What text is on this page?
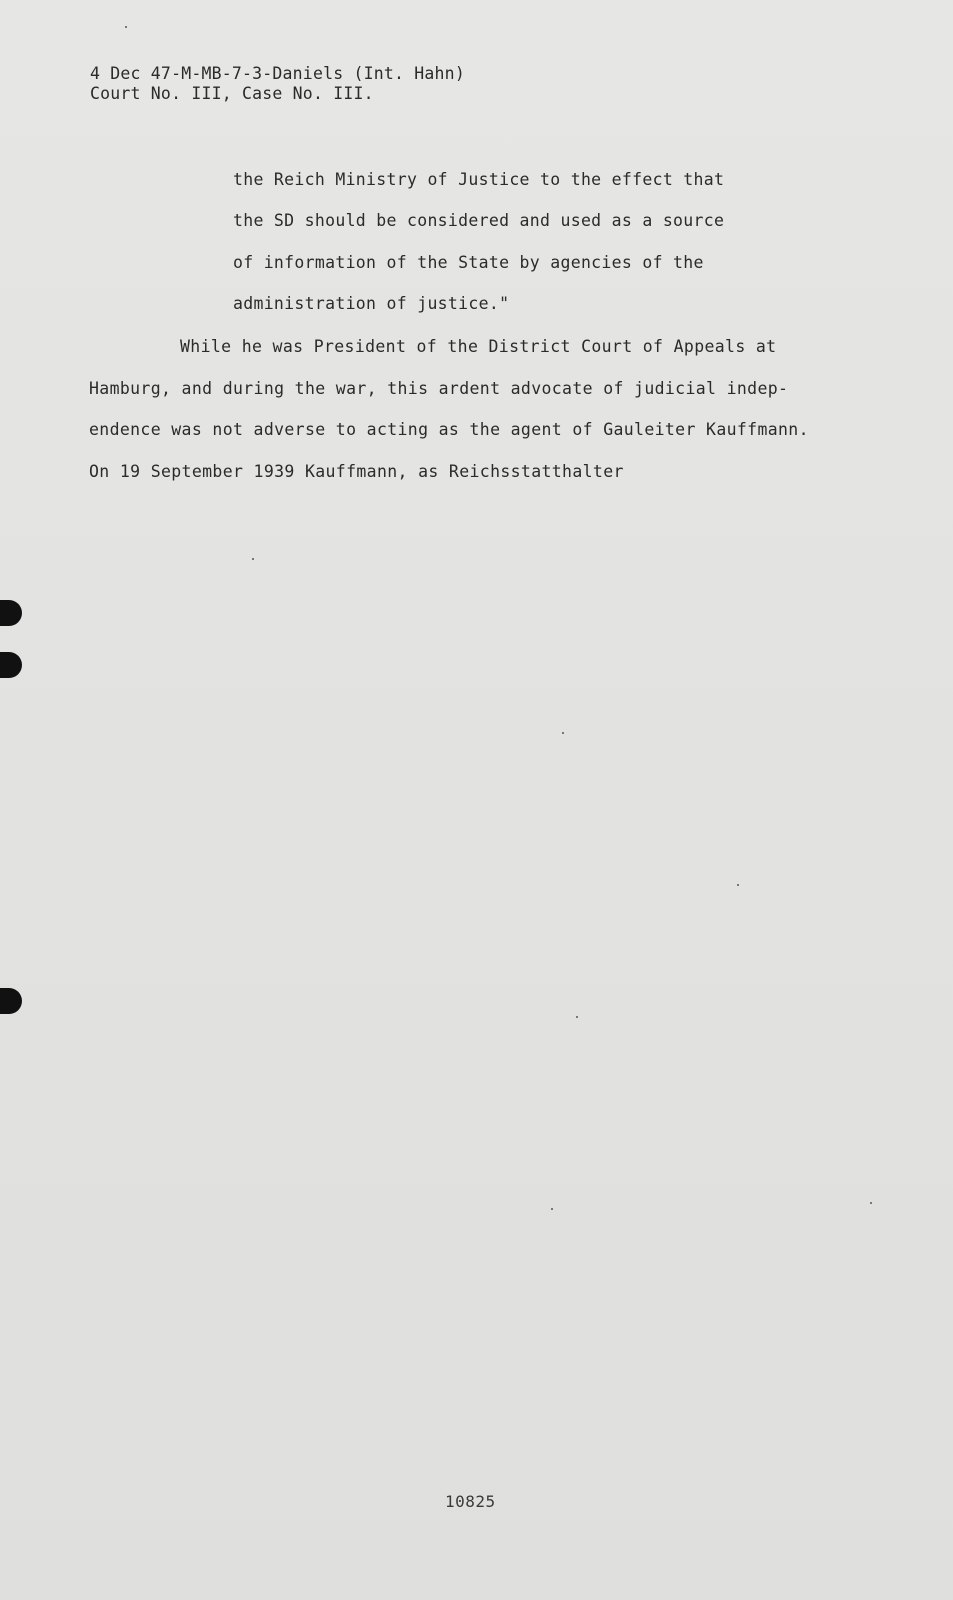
4 Dec 47-M-MB-7-3-Daniels (Int. Hahn)
Court No. III, Case No. III.
the Reich Ministry of Justice to the effect that
the SD should be considered and used as a source
of information of the State by agencies of the
administration of justice."
While he was President of the District Court of Appeals at
Hamburg, and during the war, this ardent advocate of judicial indep-
endence was not adverse to acting as the agent of Gauleiter Kauffmann.
On 19 September 1939 Kauffmann, as Reichsstatthalter
10825
